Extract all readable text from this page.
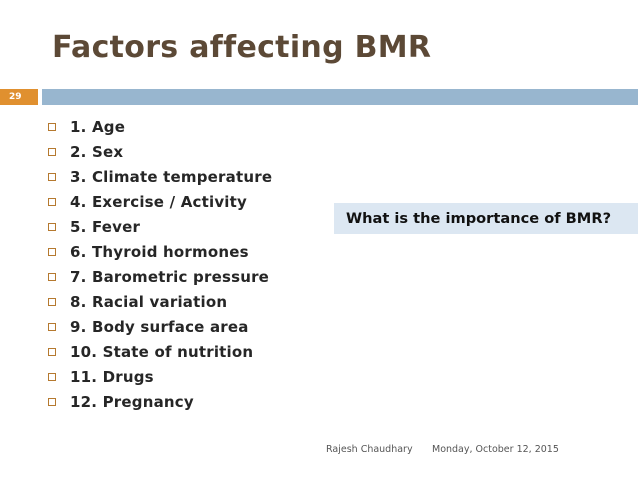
Factors affecting BMR
29
1. Age
2. Sex
3. Climate temperature
4. Exercise / Activity
5. Fever
6. Thyroid hormones
7. Barometric pressure
8. Racial variation
9. Body surface area
10. State of nutrition
11. Drugs
12. Pregnancy
What is the importance of BMR?
Rajesh Chaudhary Monday, October 12, 2015
